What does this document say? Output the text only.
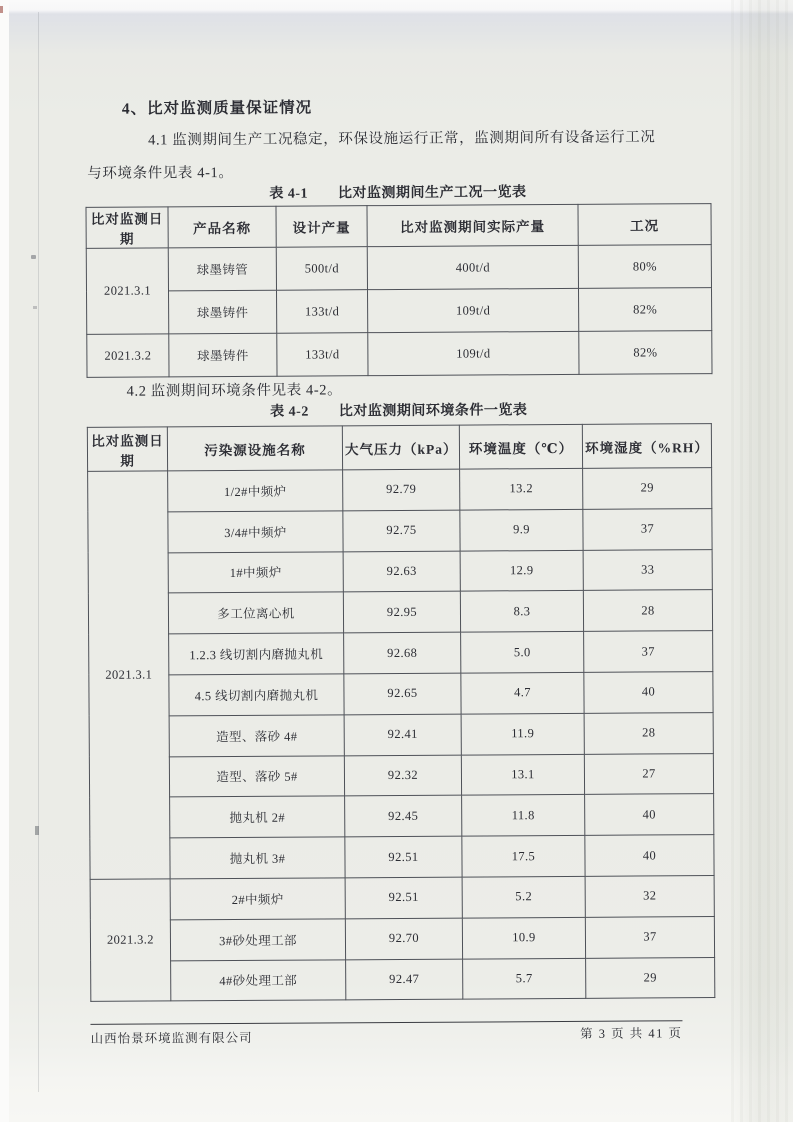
4、比对监测质量保证情况
4.1 监测期间生产工况稳定，环保设施运行正常，监测期间所有设备运行工况
与环境条件见表 4-1。
表 4-1 比对监测期间生产工况一览表
比对监测日期	产品名称	设计产量	比对监测期间实际产量	工况
2021.3.1	球墨铸管	500t/d	400t/d	80%
	球墨铸件	133t/d	109t/d	82%
2021.3.2	球墨铸件	133t/d	109t/d	82%
4.2 监测期间环境条件见表 4-2。
表 4-2 比对监测期间环境条件一览表
比对监测日期	污染源设施名称	大气压力（kPa）	环境温度（℃）	环境湿度（%RH）
2021.3.1	1/2#中频炉	92.79	13.2	29
	3/4#中频炉	92.75	9.9	37
	1#中频炉	92.63	12.9	33
	多工位离心机	92.95	8.3	28
	1.2.3 线切割内磨抛丸机	92.68	5.0	37
	4.5 线切割内磨抛丸机	92.65	4.7	40
	造型、落砂 4#	92.41	11.9	28
	造型、落砂 5#	92.32	13.1	27
	抛丸机 2#	92.45	11.8	40
	抛丸机 3#	92.51	17.5	40
2021.3.2	2#中频炉	92.51	5.2	32
	3#砂处理工部	92.70	10.9	37
	4#砂处理工部	92.47	5.7	29
山西怡景环境监测有限公司	第 3 页 共 41 页
